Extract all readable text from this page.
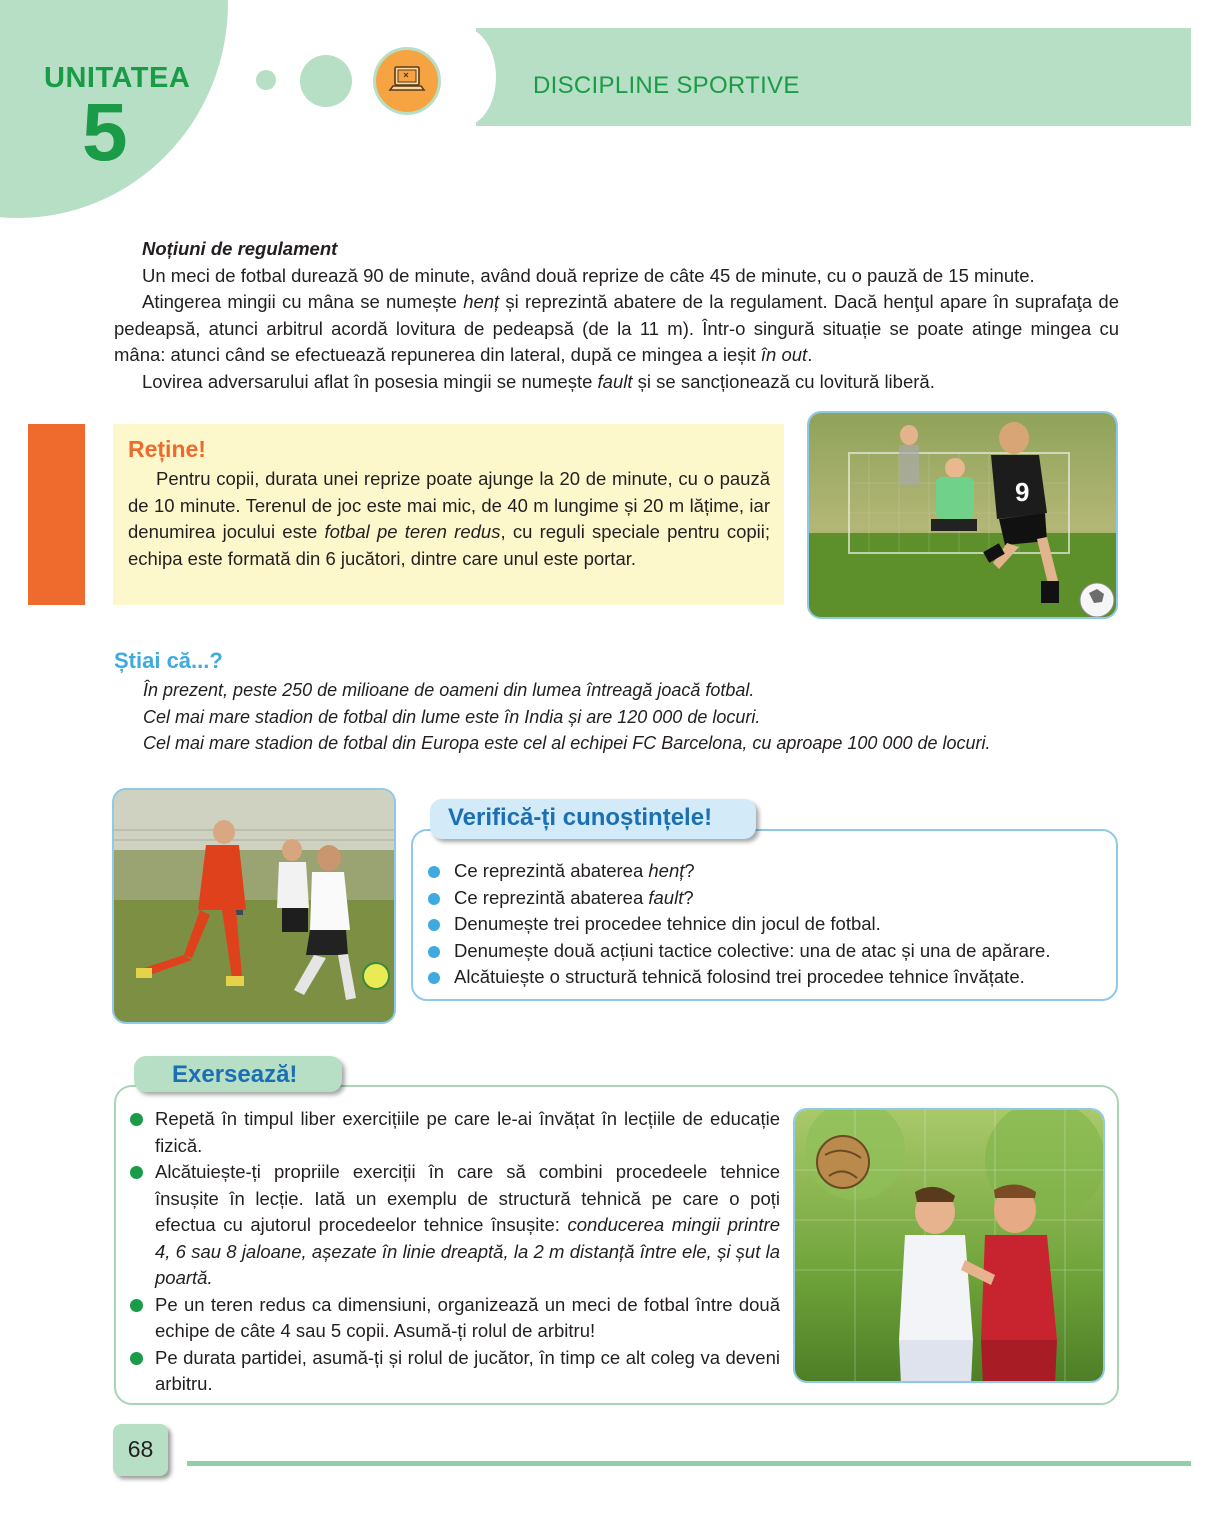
UNITATEA
5
DISCIPLINE SPORTIVE

Noțiuni de regulament

Un meci de fotbal durează 90 de minute, având două reprize de câte 45 de minute, cu o pauză de 15 minute.

Atingerea mingii cu mâna se numește henț și reprezintă abatere de la regulament. Dacă henţul apare în suprafaţa de pedeapsă, atunci arbitrul acordă lovitura de pedeapsă (de la 11 m). Într-o singură situație se poate atinge mingea cu mâna: atunci când se efectuează repunerea din lateral, după ce mingea a ieșit în out.

Lovirea adversarului aflat în posesia mingii se numește fault și se sancționează cu lovitură liberă.

Reține!
Pentru copii, durata unei reprize poate ajunge la 20 de minute, cu o pauză de 10 minute. Terenul de joc este mai mic, de 40 m lungime și 20 m lățime, iar denumirea jocului este fotbal pe teren redus, cu reguli speciale pentru copii; echipa este formată din 6 jucători, dintre care unul este portar.
9
Știai că...?
În prezent, peste 250 de milioane de oameni din lumea întreagă joacă fotbal.
Cel mai mare stadion de fotbal din lume este în India și are 120 000 de locuri.
Cel mai mare stadion de fotbal din Europa este cel al echipei FC Barcelona, cu aproape 100 000 de locuri.
Verifică-ți cunoștințele!
Ce reprezintă abaterea henț?
Ce reprezintă abaterea fault?
Denumește trei procedee tehnice din jocul de fotbal.
Denumește două acțiuni tactice colective: una de atac și una de apărare.
Alcătuiește o structură tehnică folosind trei procedee tehnice învățate.
Exersează!
Repetă în timpul liber exercițiile pe care le-ai învățat în lecțiile de educație fizică.
Alcătuiește-ți propriile exerciții în care să combini procedeele tehnice însușite în lecție. Iată un exemplu de structură tehnică pe care o poți efectua cu ajutorul procedeelor tehnice însușite: conducerea mingii printre 4, 6 sau 8 jaloane, așezate în linie dreaptă, la 2 m distanță între ele, și șut la poartă.
Pe un teren redus ca dimensiuni, organizează un meci de fotbal între două echipe de câte 4 sau 5 copii. Asumă-ți rolul de arbitru!
Pe durata partidei, asumă-ți și rolul de jucător, în timp ce alt coleg va deveni arbitru.
68
